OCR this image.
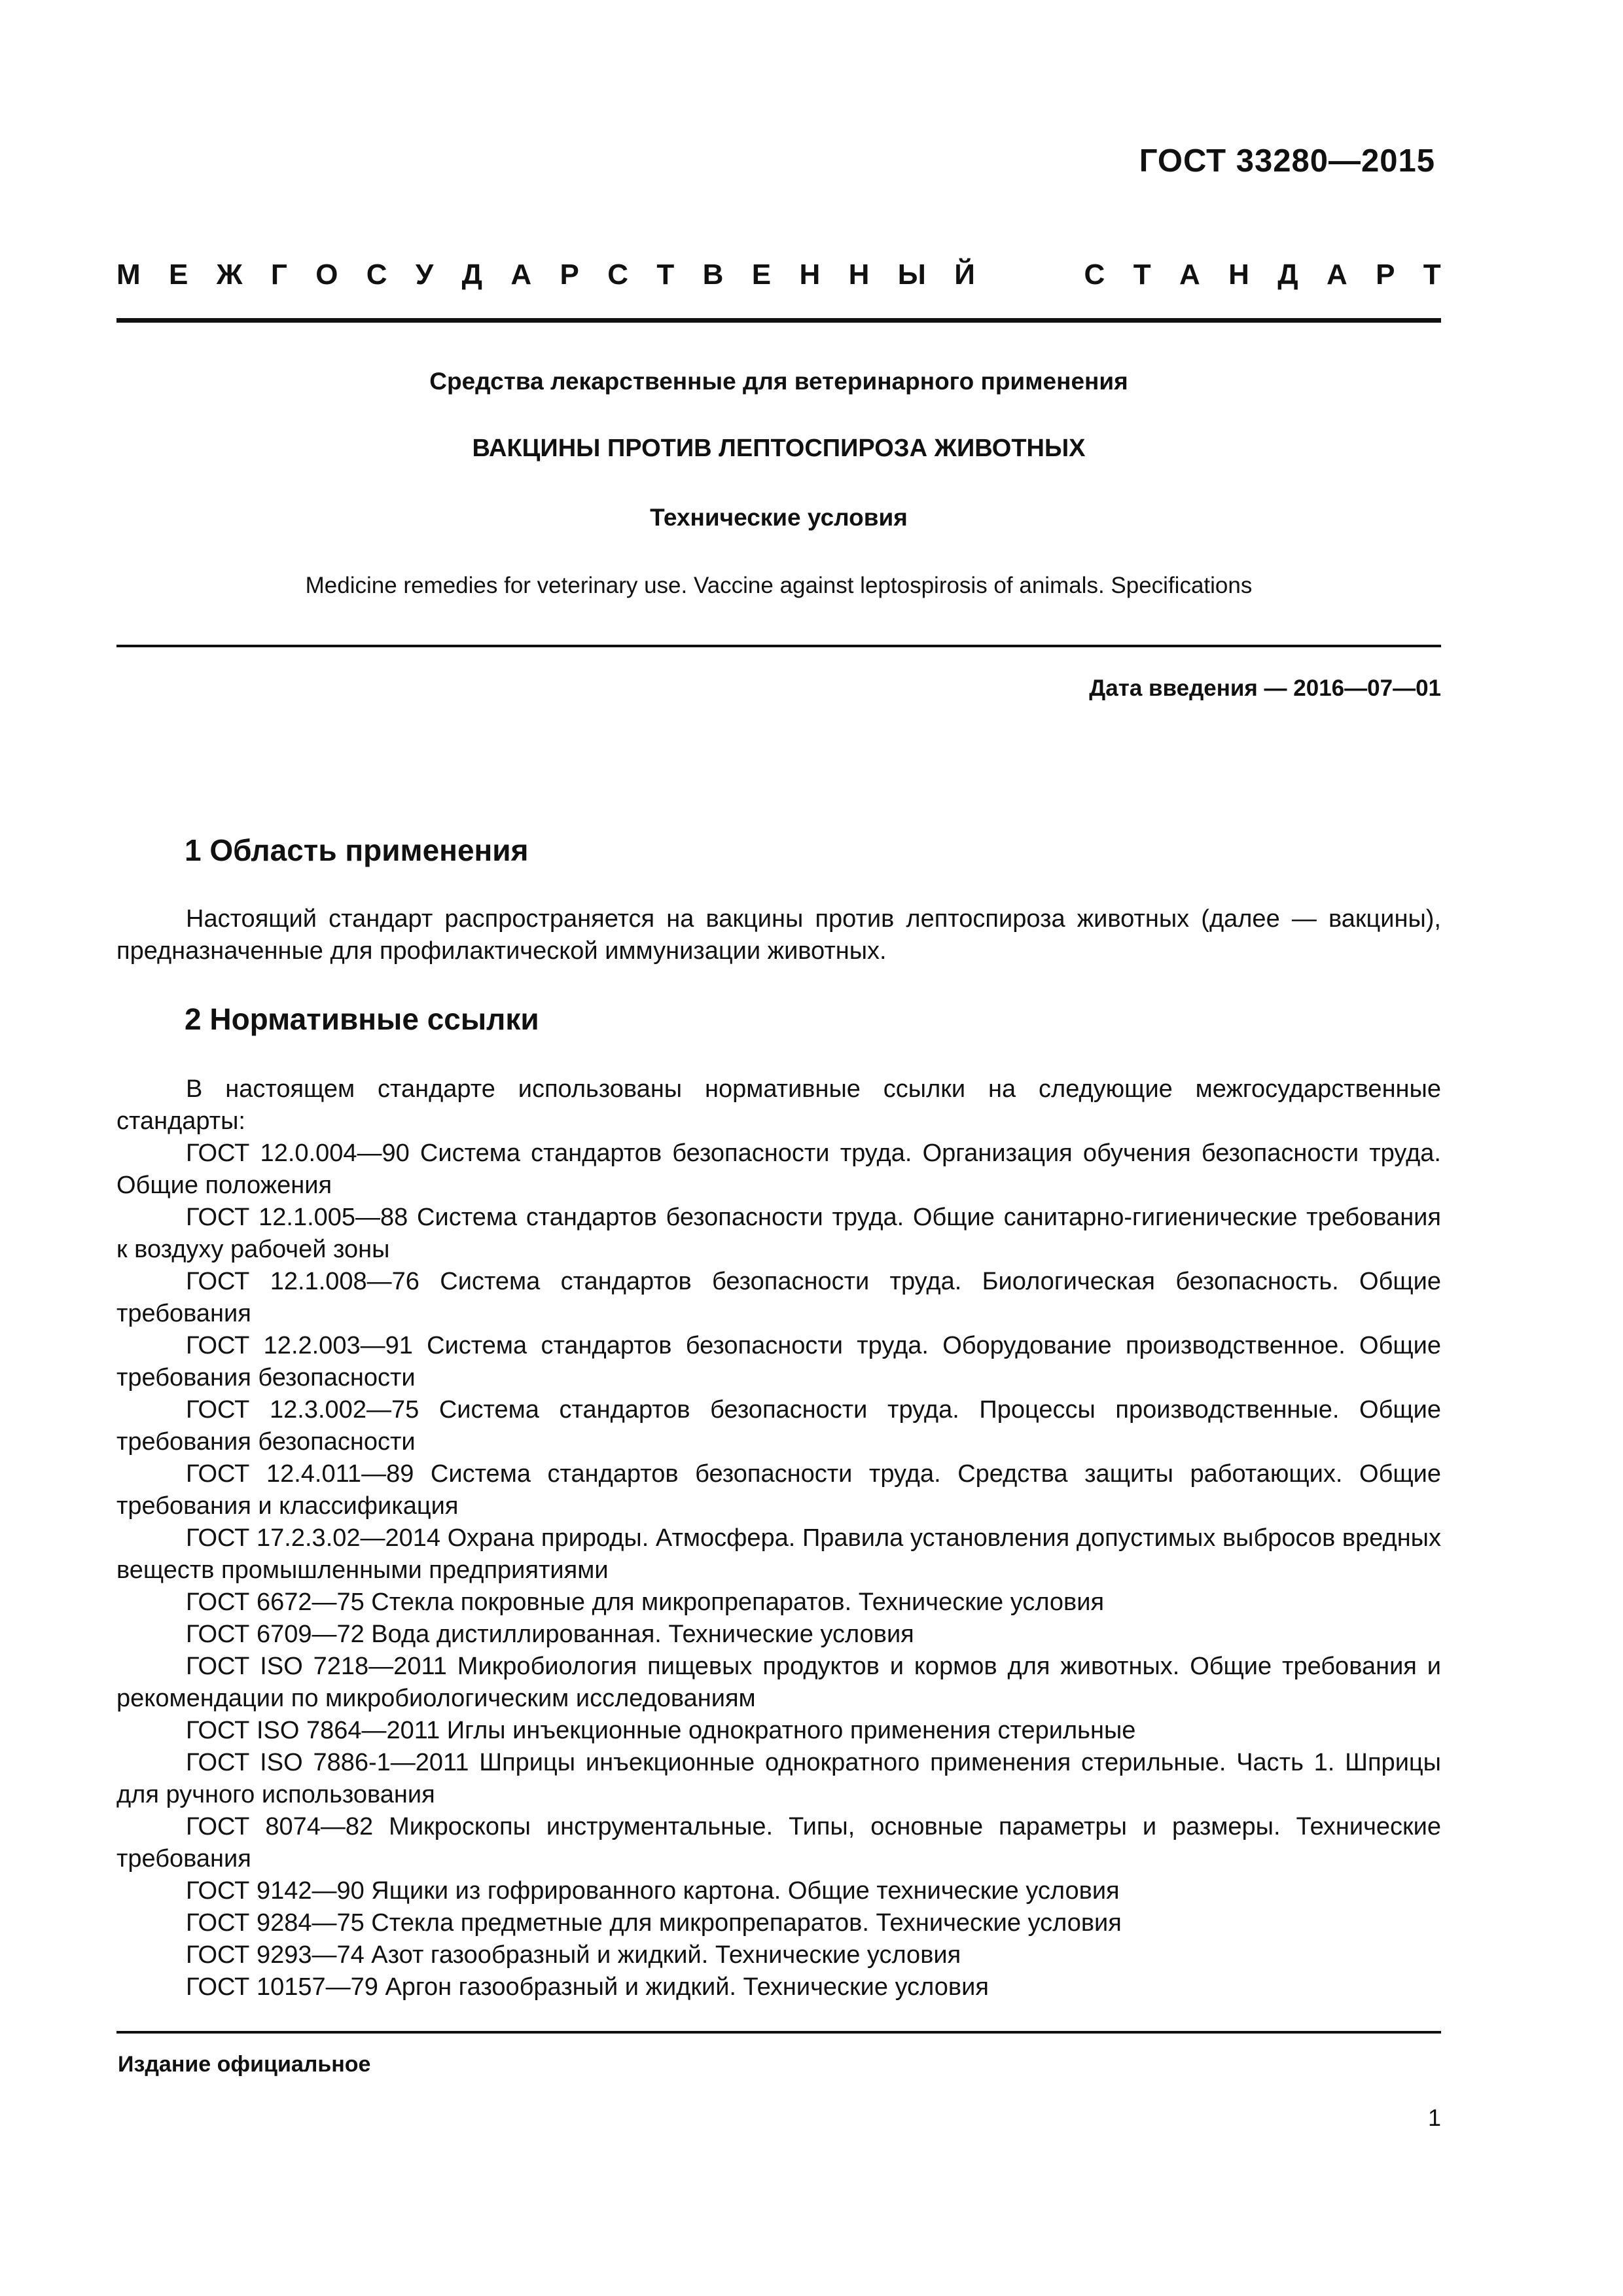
ГОСТ 33280—2015
М Е Ж Г О С У Д А Р С Т В Е Н Н Ы Й	С Т А Н Д А Р Т
Средства лекарственные для ветеринарного применения
ВАКЦИНЫ ПРОТИВ ЛЕПТОСПИРОЗА ЖИВОТНЫХ
Технические условия
Medicine remedies for veterinary use. Vaccine against leptospirosis of animals. Specifications
Дата введения — 2016—07—01
1 Область применения

Настоящий стандарт распространяется на вакцины против лептоспироза животных (далее — вакцины), предназначенные для профилактической иммунизации животных.

2 Нормативные ссылки

В настоящем стандарте использованы нормативные ссылки на следующие межгосударственные стандарты:

ГОСТ 12.0.004—90 Система стандартов безопасности труда. Организация обучения безопасности труда. Общие положения

ГОСТ 12.1.005—88 Система стандартов безопасности труда. Общие санитарно-гигиенические требования к воздуху рабочей зоны

ГОСТ 12.1.008—76 Система стандартов безопасности труда. Биологическая безопасность. Общие требования

ГОСТ 12.2.003—91 Система стандартов безопасности труда. Оборудование производственное. Общие требования безопасности

ГОСТ 12.3.002—75 Система стандартов безопасности труда. Процессы производственные. Общие требования безопасности

ГОСТ 12.4.011—89 Система стандартов безопасности труда. Средства защиты работающих. Общие требования и классификация

ГОСТ 17.2.3.02—2014 Охрана природы. Атмосфера. Правила установления допустимых выбросов вредных веществ промышленными предприятиями

ГОСТ 6672—75 Стекла покровные для микропрепаратов. Технические условия

ГОСТ 6709—72 Вода дистиллированная. Технические условия

ГОСТ ISO 7218—2011 Микробиология пищевых продуктов и кормов для животных. Общие требования и рекомендации по микробиологическим исследованиям

ГОСТ ISO 7864—2011 Иглы инъекционные однократного применения стерильные

ГОСТ ISO 7886-1—2011 Шприцы инъекционные однократного применения стерильные. Часть 1. Шприцы для ручного использования

ГОСТ 8074—82 Микроскопы инструментальные. Типы, основные параметры и размеры. Технические требования

ГОСТ 9142—90 Ящики из гофрированного картона. Общие технические условия

ГОСТ 9284—75 Стекла предметные для микропрепаратов. Технические условия

ГОСТ 9293—74 Азот газообразный и жидкий. Технические условия

ГОСТ 10157—79 Аргон газообразный и жидкий. Технические условия

Издание официальное
1
